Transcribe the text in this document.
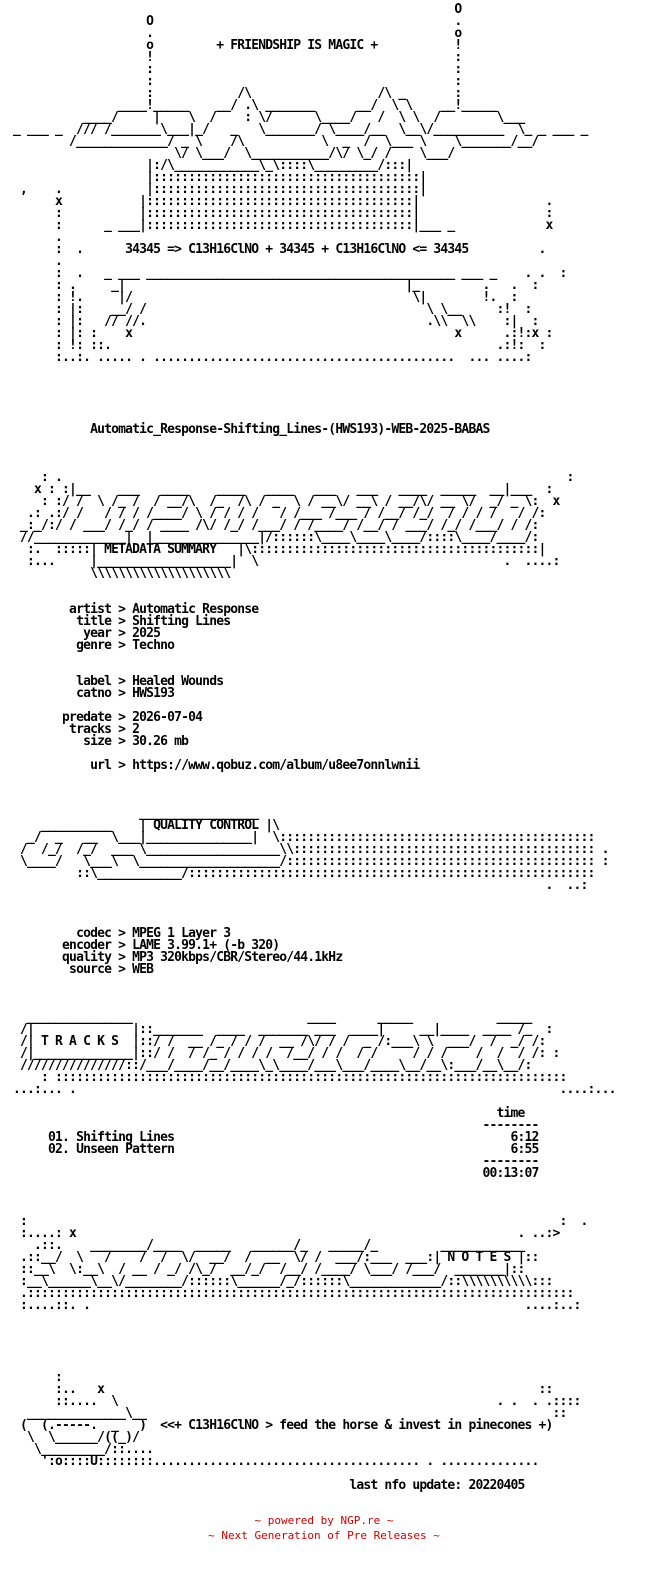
O
O                                           .
.                                           o
o         + FRIENDSHIP IS MAGIC +           !
!                                           :
:                                           :
:                                           :
:            /\                  /\ _       :
____!_____    __/ .\ _______      __/  \ \    __!_____
____/     |    \  /    : \/      \____/   /  \ \  /        \___
_ ___ _  /// /_______\___|_/   _   \_______/ \____/__  \__\/__________  \_ _ ___ _
/_____________/ _ \    /\           \  _  /  \___ \    \_______/__/
\/ \___/  \___________/\/ \_/ /    \___/
|:/\____________\_\::::\_________/:::|
|::::::::::::::::::::::::::::::::::::::|
,    .            |::::::::::::::::::::::::::::::::::::::|
x           |::::::::::::::::::::::::::::::::::::::|                  .
:           |::::::::::::::::::::::::::::::::::::::|                  :
:      _ ___|::::::::::::::::::::::::::::::::::::::|___ _             x
.
:  .      34345 => C13H16ClNO + 34345 + C13H16ClNO <= 34345          .
.
:  .   _ ___ ____________________________________________ ___ _    . .  :
: .     _|                                        |_         .   .  :
: !.     |/                                        \|        !.  :
: |:    __/ /                                        \ \__     :!  :
: |:   // //.                                        .\\  \\    :|  :
: |: :    x                                              x      .:!:x :
: !: ::.                                                       .:!:  :
:..:. ..... . ...........................................  ... ....:
Automatic_Response-Shifting_Lines-(HWS193)-WEB-2025-BABAS
: .                                                                        :
x : :|__    ___   ____    ____   ____   ___   ___   ____  _____  __|___  :
: :/ /  \ /_ /  / __/\  /_  /\ / _  \ / __\/ __\ / __/\/ __ \/  _/ _ \:  x
.: .:/ /   / / / /____/ \ / / / /   / /___ /___ / /__/ /_/  / / / /   / /:
_:_/:/ / ___/ /_/ / ____ /\/ /_/ /___/ / /____/ /__/ / ___/ /_/ /___/ / /:
//_____________|  |_______________|/::::::\____\____\____/::::\____/____/:
:.  :::::| METADATA SUMMARY   |\:::::::::::::::::::::::::::::::::::::::::|
:...     |___________________|  \                                   .  ....:
\\\\\\\\\\\\\\\\\\\\
artist > Automatic Response
title > Shifting Lines
year > 2025
genre > Techno
label > Healed Wounds
catno > HWS193
predate > 2026-07-04
tracks > 2
size > 30.26 mb
url > https://www.qobuz.com/album/u8ee7onnlwnii
_________________
__________    | QUALITY CONTROL |\
_/  _   __  \___|_______________|  \:::::::::::::::::::::::::::::::::::::::::::::
/  /_/  /_/  ___ \___________________\\::::::::::::::::::::::::::::::::::::::::::: .
\____/   \___\  \____________________/:::::::::::::::::::::::::::::::::::::::::::: :
::\____________/::::::::::::::::::::::::::::::::::::::::::::::::::::::::::
.  ..:
codec > MPEG 1 Layer 3
encoder > LAME 3.99.1+ (-b 320)
quality > MP3 320kbps/CBR/Stereo/44.1kHz
source > WEB
_______________                         ____      _____            _____
/|              |::_______  ____  _______ ___  ____|     __|____  ____ /_  :
/| T R A C K S  |::/ /  __ /_ / / /  __ /\/ / /  _ /:___\ \  ___/  /  _/ /:
/|______________|::/ /  / /_ / / / /  /__/ / /  / /     / / /    /  /  / /: :
///////////////::/___/____/__/____\_\____/___\___/____\__/__\:___/__\__/:
: :::::::::::::::::::::::::::::::::::::::::::::::::::::::::::::::::::::::::
...:... .                                                                     ....:...
time
--------
01. Shifting Lines                                                6:12
02. Unseen Pattern                                                6:55
--------
00:13:07
:                                                                            :  .
:....: x                                                               . ..:>
.::.    ________/____  _____   ______/_   _____/_         ____________
.::__/  \   /    /  /  \/  __/  /  __  \/ /  ___/:___  ___:| N O T E S |::
::__\  \:__\  / __ / _/ /\_/  __/_/  /__/ /____/ \___/ /___/  _______|::
:__\______\__\/________/::::::\______/_/::::::\_____________/::\\\\\\\\\\:::
.::::::::::::::::::::::::::::::::::::::::::::::::::::::::::::::::::::::::::::::
:....::. .                                                              ....:..:
:
:..   x                                                              ::
::....  \                                                      . .  . .::::
______________\__                                                          ::
(  (.-----.  _   )  <<+ C13H16ClNO > feed the horse & invest in pinecones +)
\  \______/((_)/
\_________/::....
':o::::U::::::::...................................... . ..............
last nfo update: 20220405
~ powered by NGP.re ~
~ Next Generation of Pre Releases ~
